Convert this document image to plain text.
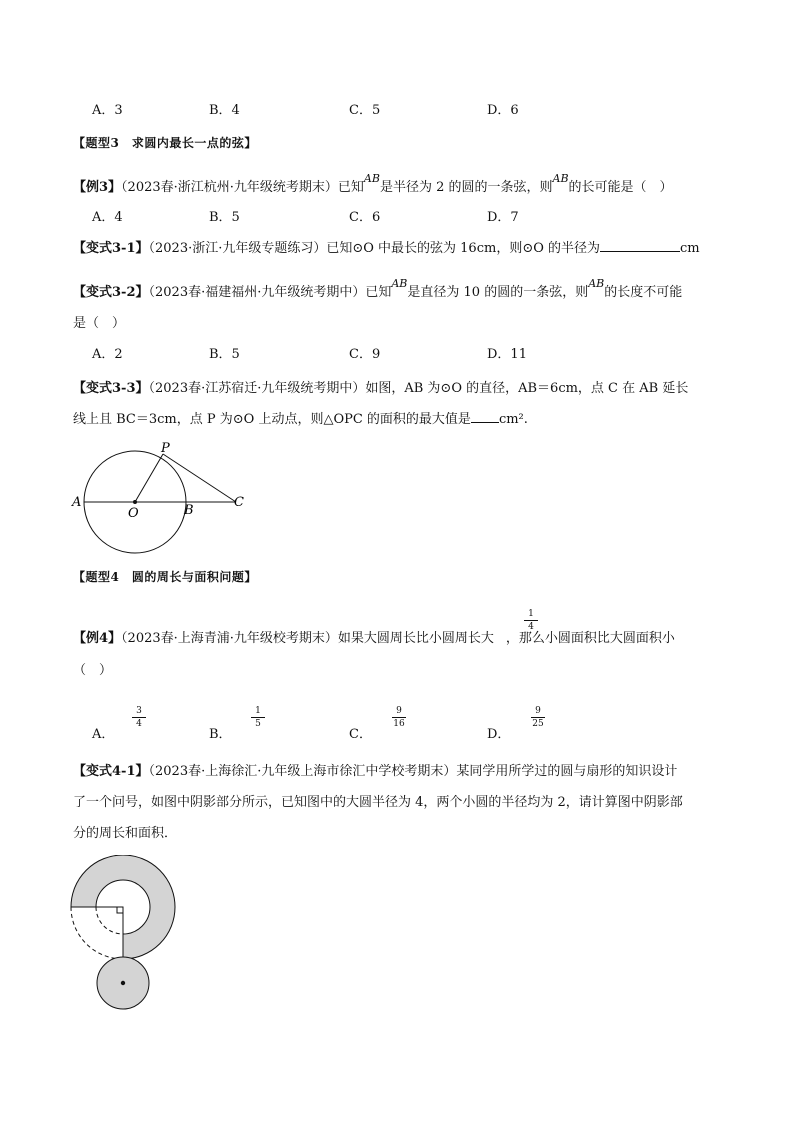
A．3	B．4	C．5	D．6
【题型3　求圆内最长一点的弦】
【例3】（2023春·浙江杭州·九年级统考期末）已知$^{AB}$是半径为 2 的圆的一条弦，则$^{AB}$的长可能是（　）
A．4	B．5	C．6	D．7
【变式3-1】（2023·浙江·九年级专题练习）已知⊙O 中最长的弦为 16cm，则⊙O 的半径为	cm
【变式3-2】（2023春·福建福州·九年级统考期中）已知$^{AB}$是直径为 10 的圆的一条弦，则$^{AB}$的长度不可能
是（　）
A．2	B．5	C．9	D．11
【变式3-3】（2023春·江苏宿迁·九年级统考期中）如图，AB 为⊙O 的直径，AB＝6cm，点 C 在 AB 延长
线上且 BC＝3cm，点 P 为⊙O 上动点，则△OPC 的面积的最大值是 cm².
A
O	B
C
P
【题型4　圆的周长与面积问题】
【例4】（2023春·上海青浦·九年级校考期末）如果大圆周长比小圆周长大 ，那么小圆面积比大圆面积小
1
4
（　）
A．
3
4
B．
1
5
C．
9
16
D．
9
25
【变式4-1】（2023春·上海徐汇·九年级上海市徐汇中学校考期末）某同学用所学过的圆与扇形的知识设计
了一个问号，如图中阴影部分所示，已知图中的大圆半径为 4，两个小圆的半径均为 2，请计算图中阴影部
分的周长和面积．
